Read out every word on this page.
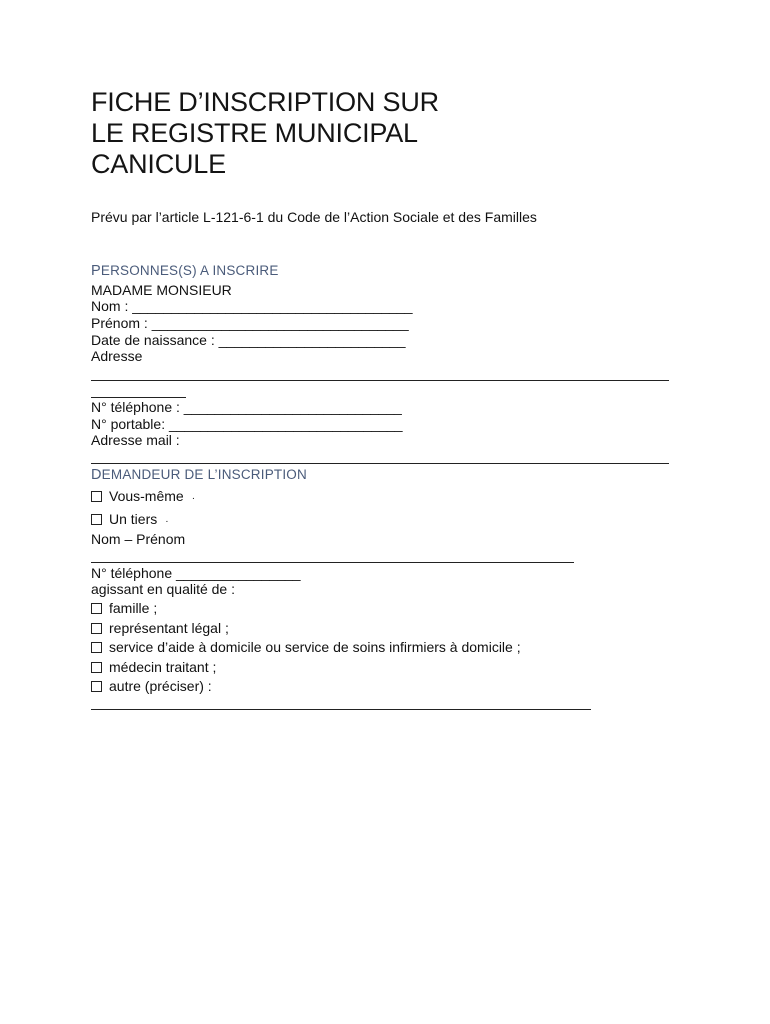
FICHE D’INSCRIPTION SUR
LE REGISTRE MUNICIPAL
CANICULE
Prévu par l’article L-121-6-1 du Code de l’Action Sociale et des Familles
PERSONNES(S) A INSCRIRE
MADAME MONSIEUR
Nom : ____________________________________
Prénom : _________________________________
Date de naissance : ________________________
Adresse
N° téléphone : ____________________________
N° portable: ______________________________
Adresse mail :
DEMANDEUR DE L’INSCRIPTION
Vous-même ·
Un tiers ·
Nom – Prénom
N° téléphone ________________
agissant en qualité de :
famille ;
représentant légal ;
service d’aide à domicile ou service de soins infirmiers à domicile ;
médecin traitant ;
autre (préciser) :
